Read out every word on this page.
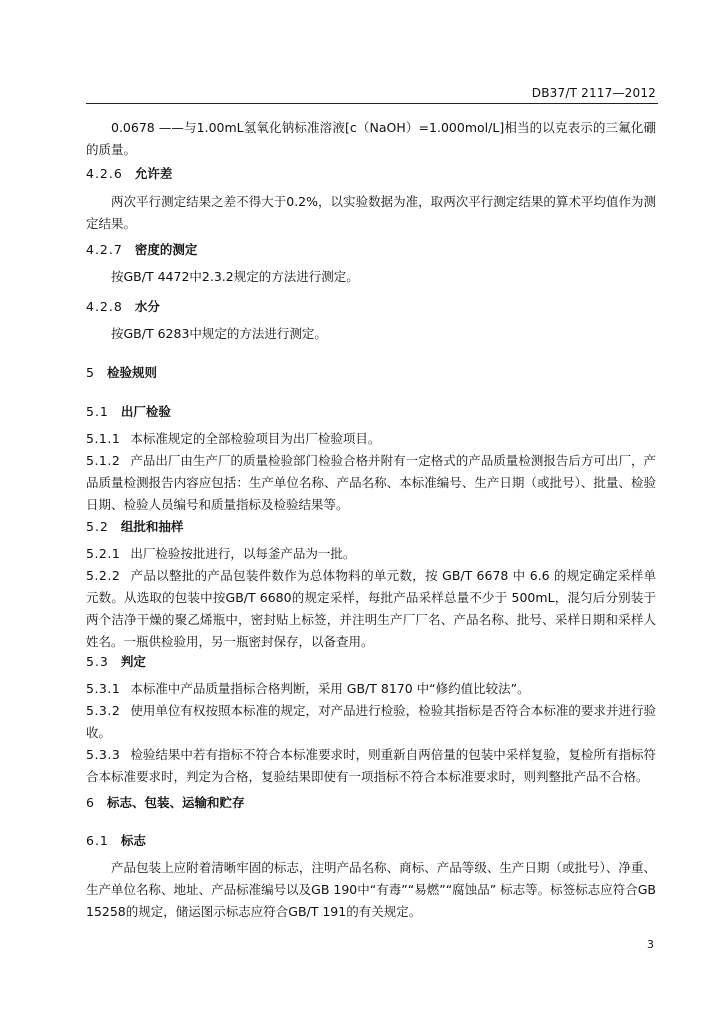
DB37/T 2117—2012

0.0678 ——与1.00mL氢氧化钠标准溶液[c（NaOH）=1.000mol/L]相当的以克表示的三氟化硼的质量。

4.2.6 允许差

两次平行测定结果之差不得大于0.2%，以实验数据为准，取两次平行测定结果的算术平均值作为测定结果。

4.2.7 密度的测定

按GB/T 4472中2.3.2规定的方法进行测定。

4.2.8 水分

按GB/T 6283中规定的方法进行测定。

5 检验规则
5.1 出厂检验

5.1.1 本标准规定的全部检验项目为出厂检验项目。

5.1.2 产品出厂由生产厂的质量检验部门检验合格并附有一定格式的产品质量检测报告后方可出厂，产品质量检测报告内容应包括：生产单位名称、产品名称、本标准编号、生产日期（或批号）、批量、检验日期、检验人员编号和质量指标及检验结果等。

5.2 组批和抽样

5.2.1 出厂检验按批进行，以每釜产品为一批。

5.2.2 产品以整批的产品包装件数作为总体物料的单元数，按 GB/T 6678 中 6.6 的规定确定采样单元数。从选取的包装中按GB/T 6680的规定采样，每批产品采样总量不少于 500mL，混匀后分别装于两个洁净干燥的聚乙烯瓶中，密封贴上标签，并注明生产厂厂名、产品名称、批号、采样日期和采样人姓名。一瓶供检验用，另一瓶密封保存，以备查用。

5.3 判定

5.3.1 本标准中产品质量指标合格判断，采用 GB/T 8170 中“修约值比较法”。

5.3.2 使用单位有权按照本标准的规定，对产品进行检验，检验其指标是否符合本标准的要求并进行验收。

5.3.3 检验结果中若有指标不符合本标准要求时，则重新自两倍量的包装中采样复验，复检所有指标符合本标准要求时，判定为合格，复验结果即使有一项指标不符合本标准要求时，则判整批产品不合格。

6 标志、包装、运输和贮存
6.1 标志

产品包装上应附着清晰牢固的标志，注明产品名称、商标、产品等级、生产日期（或批号）、净重、生产单位名称、地址、产品标准编号以及GB 190中“有毒”“易燃”“腐蚀品” 标志等。标签标志应符合GB 15258的规定，储运图示标志应符合GB/T 191的有关规定。

3
